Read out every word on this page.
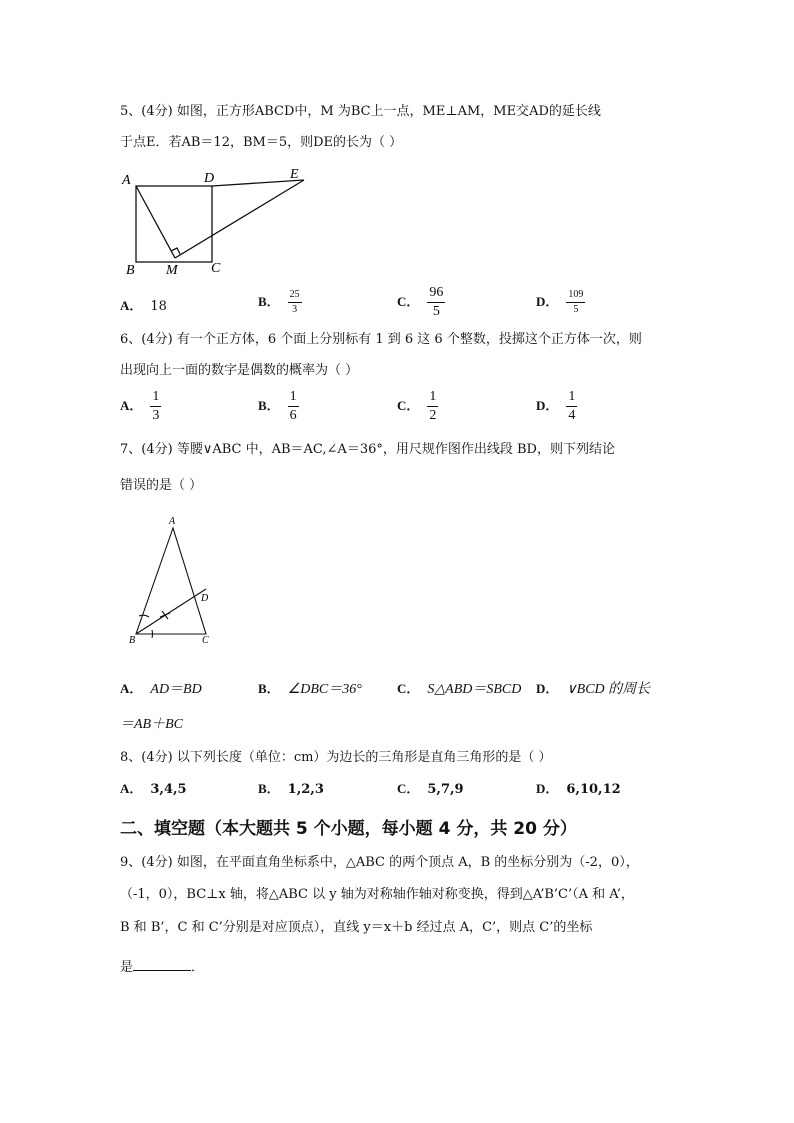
5、(4分) 如图，正方形ABCD中，M 为BC上一点，ME⊥AM，ME交AD的延长线
于点E．若AB＝12，BM＝5，则DE的长为（ ）
A	D	E
B M C
A． 18	B． $\frac{25}{3}$	C． $\frac{96}{5}$	D． $\frac{109}{5}$
6、(4分) 有一个正方体，6 个面上分别标有 1 到 6 这 6 个整数，投掷这个正方体一次，则
出现向上一面的数字是偶数的概率为（ ）
A． $\frac{1}{3}$	B． $\frac{1}{6}$	C． $\frac{1}{2}$	D． $\frac{1}{4}$
7、(4分) 等腰∨ABC 中，AB＝AC,∠A＝36°，用尺规作图作出线段 BD，则下列结论
错误的是（ ）
A
B	C
D
A． AD＝BD	B． ∠DBC＝36°	C． S△ABD＝SBCD D． ∨BCD 的周长
＝AB＋BC
8、(4分) 以下列长度（单位：cm）为边长的三角形是直角三角形的是（ ）
A． 3,4,5	B． 1,2,3	C． 5,7,9	D． 6,10,12
二、填空题（本大题共 5 个小题，每小题 4 分，共 20 分）
9、(4分) 如图，在平面直角坐标系中，△ABC 的两个顶点 A，B 的坐标分别为（-2，0），
（-1，0），BC⊥x 轴，将△ABC 以 y 轴为对称轴作轴对称变换，得到△A’B’C’（A 和 A’，
B 和 B’，C 和 C’分别是对应顶点），直线 y＝x＋b 经过点 A，C’，则点 C’的坐标
是	．
